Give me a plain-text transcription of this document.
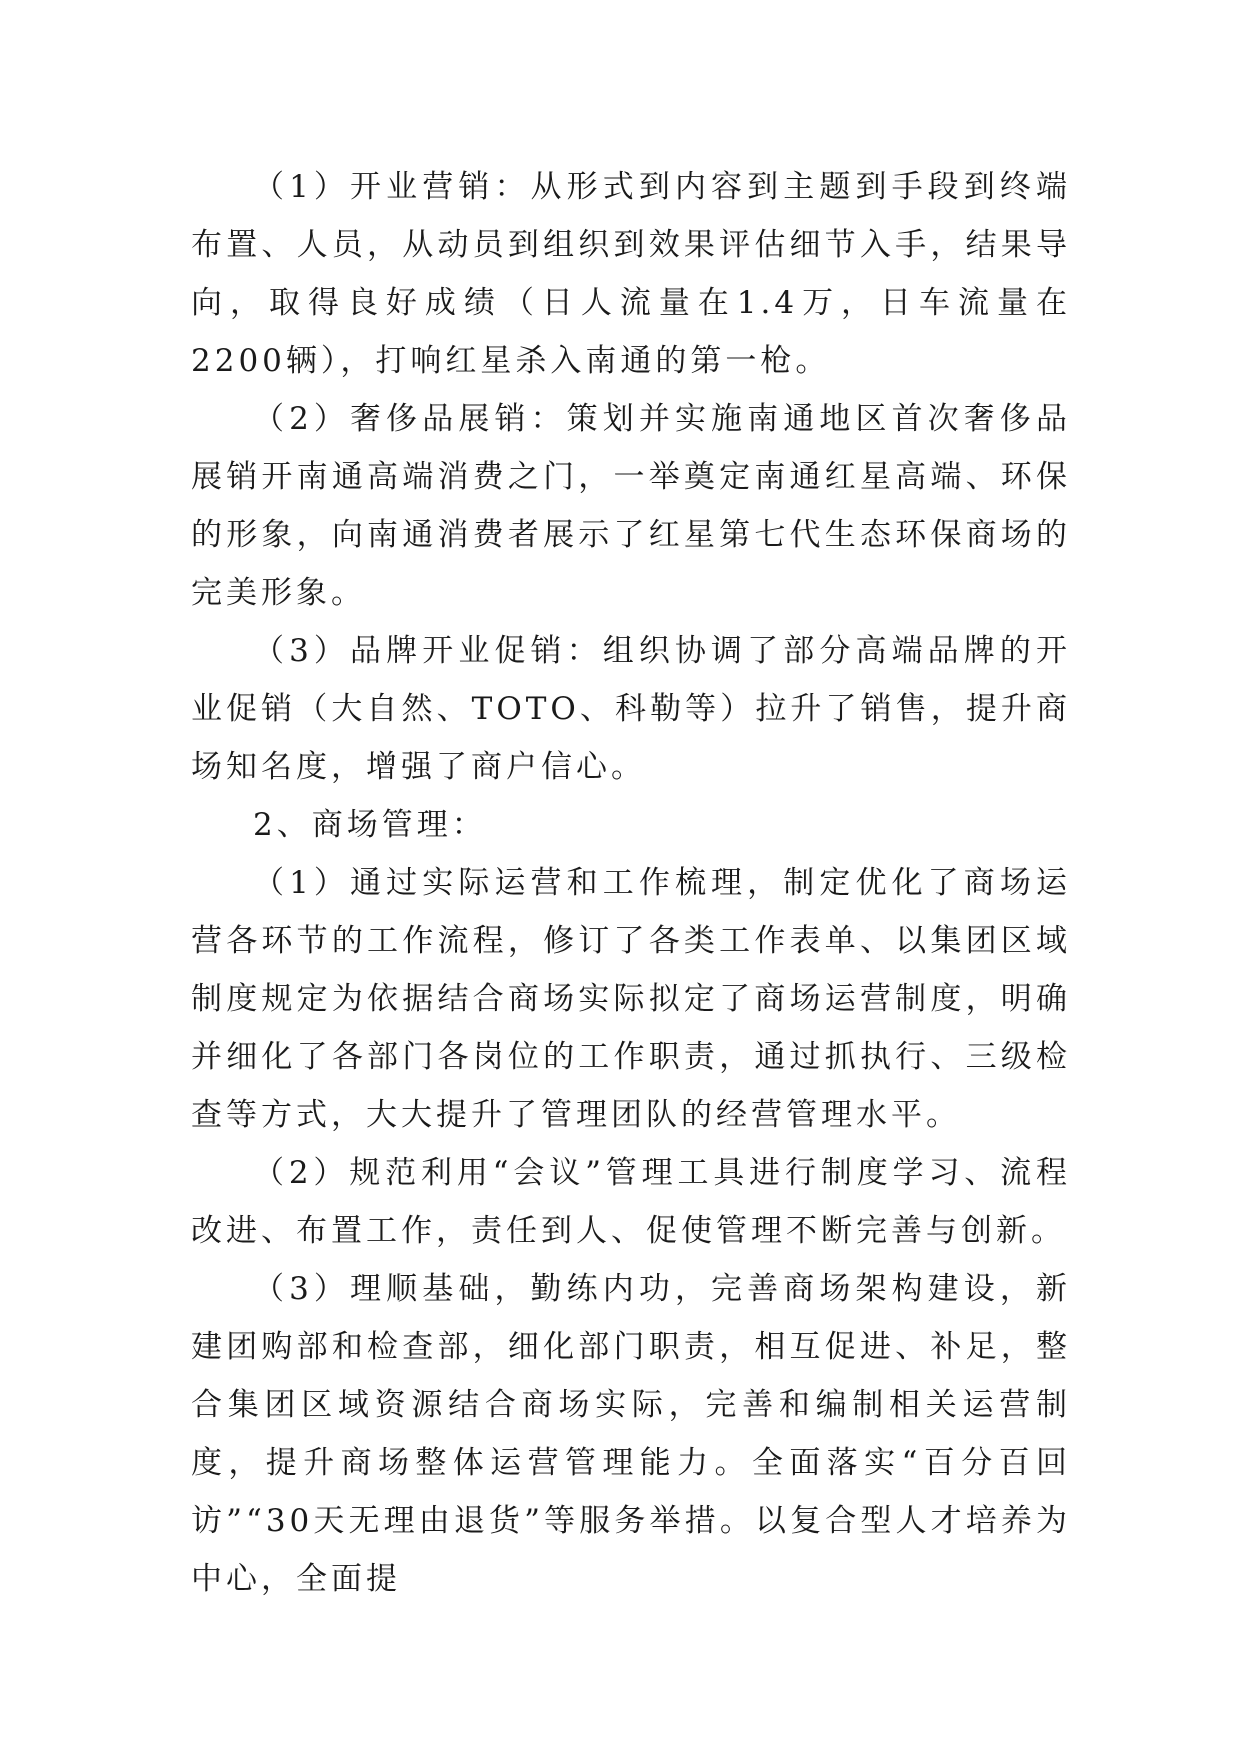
（1）开业营销：从形式到内容到主题到手段到终端布置、人员，从动员到组织到效果评估细节入手，结果导向，取得良好成绩（日人流量在1.4万，日车流量在2200辆），打响红星杀入南通的第一枪。

（2）奢侈品展销：策划并实施南通地区首次奢侈品展销开南通高端消费之门，一举奠定南通红星高端、环保的形象，向南通消费者展示了红星第七代生态环保商场的完美形象。

（3）品牌开业促销：组织协调了部分高端品牌的开业促销（大自然、TOTO、科勒等）拉升了销售，提升商场知名度，增强了商户信心。

2、商场管理：

（1）通过实际运营和工作梳理，制定优化了商场运营各环节的工作流程，修订了各类工作表单、以集团区域制度规定为依据结合商场实际拟定了商场运营制度，明确并细化了各部门各岗位的工作职责，通过抓执行、三级检查等方式，大大提升了管理团队的经营管理水平。

（2）规范利用“会议”管理工具进行制度学习、流程改进、布置工作，责任到人、促使管理不断完善与创新。

（3）理顺基础，勤练内功，完善商场架构建设，新建团购部和检查部，细化部门职责，相互促进、补足，整合集团区域资源结合商场实际，完善和编制相关运营制度，提升商场整体运营管理能力。全面落实“百分百回访”“30天无理由退货”等服务举措。以复合型人才培养为中心，全面提
